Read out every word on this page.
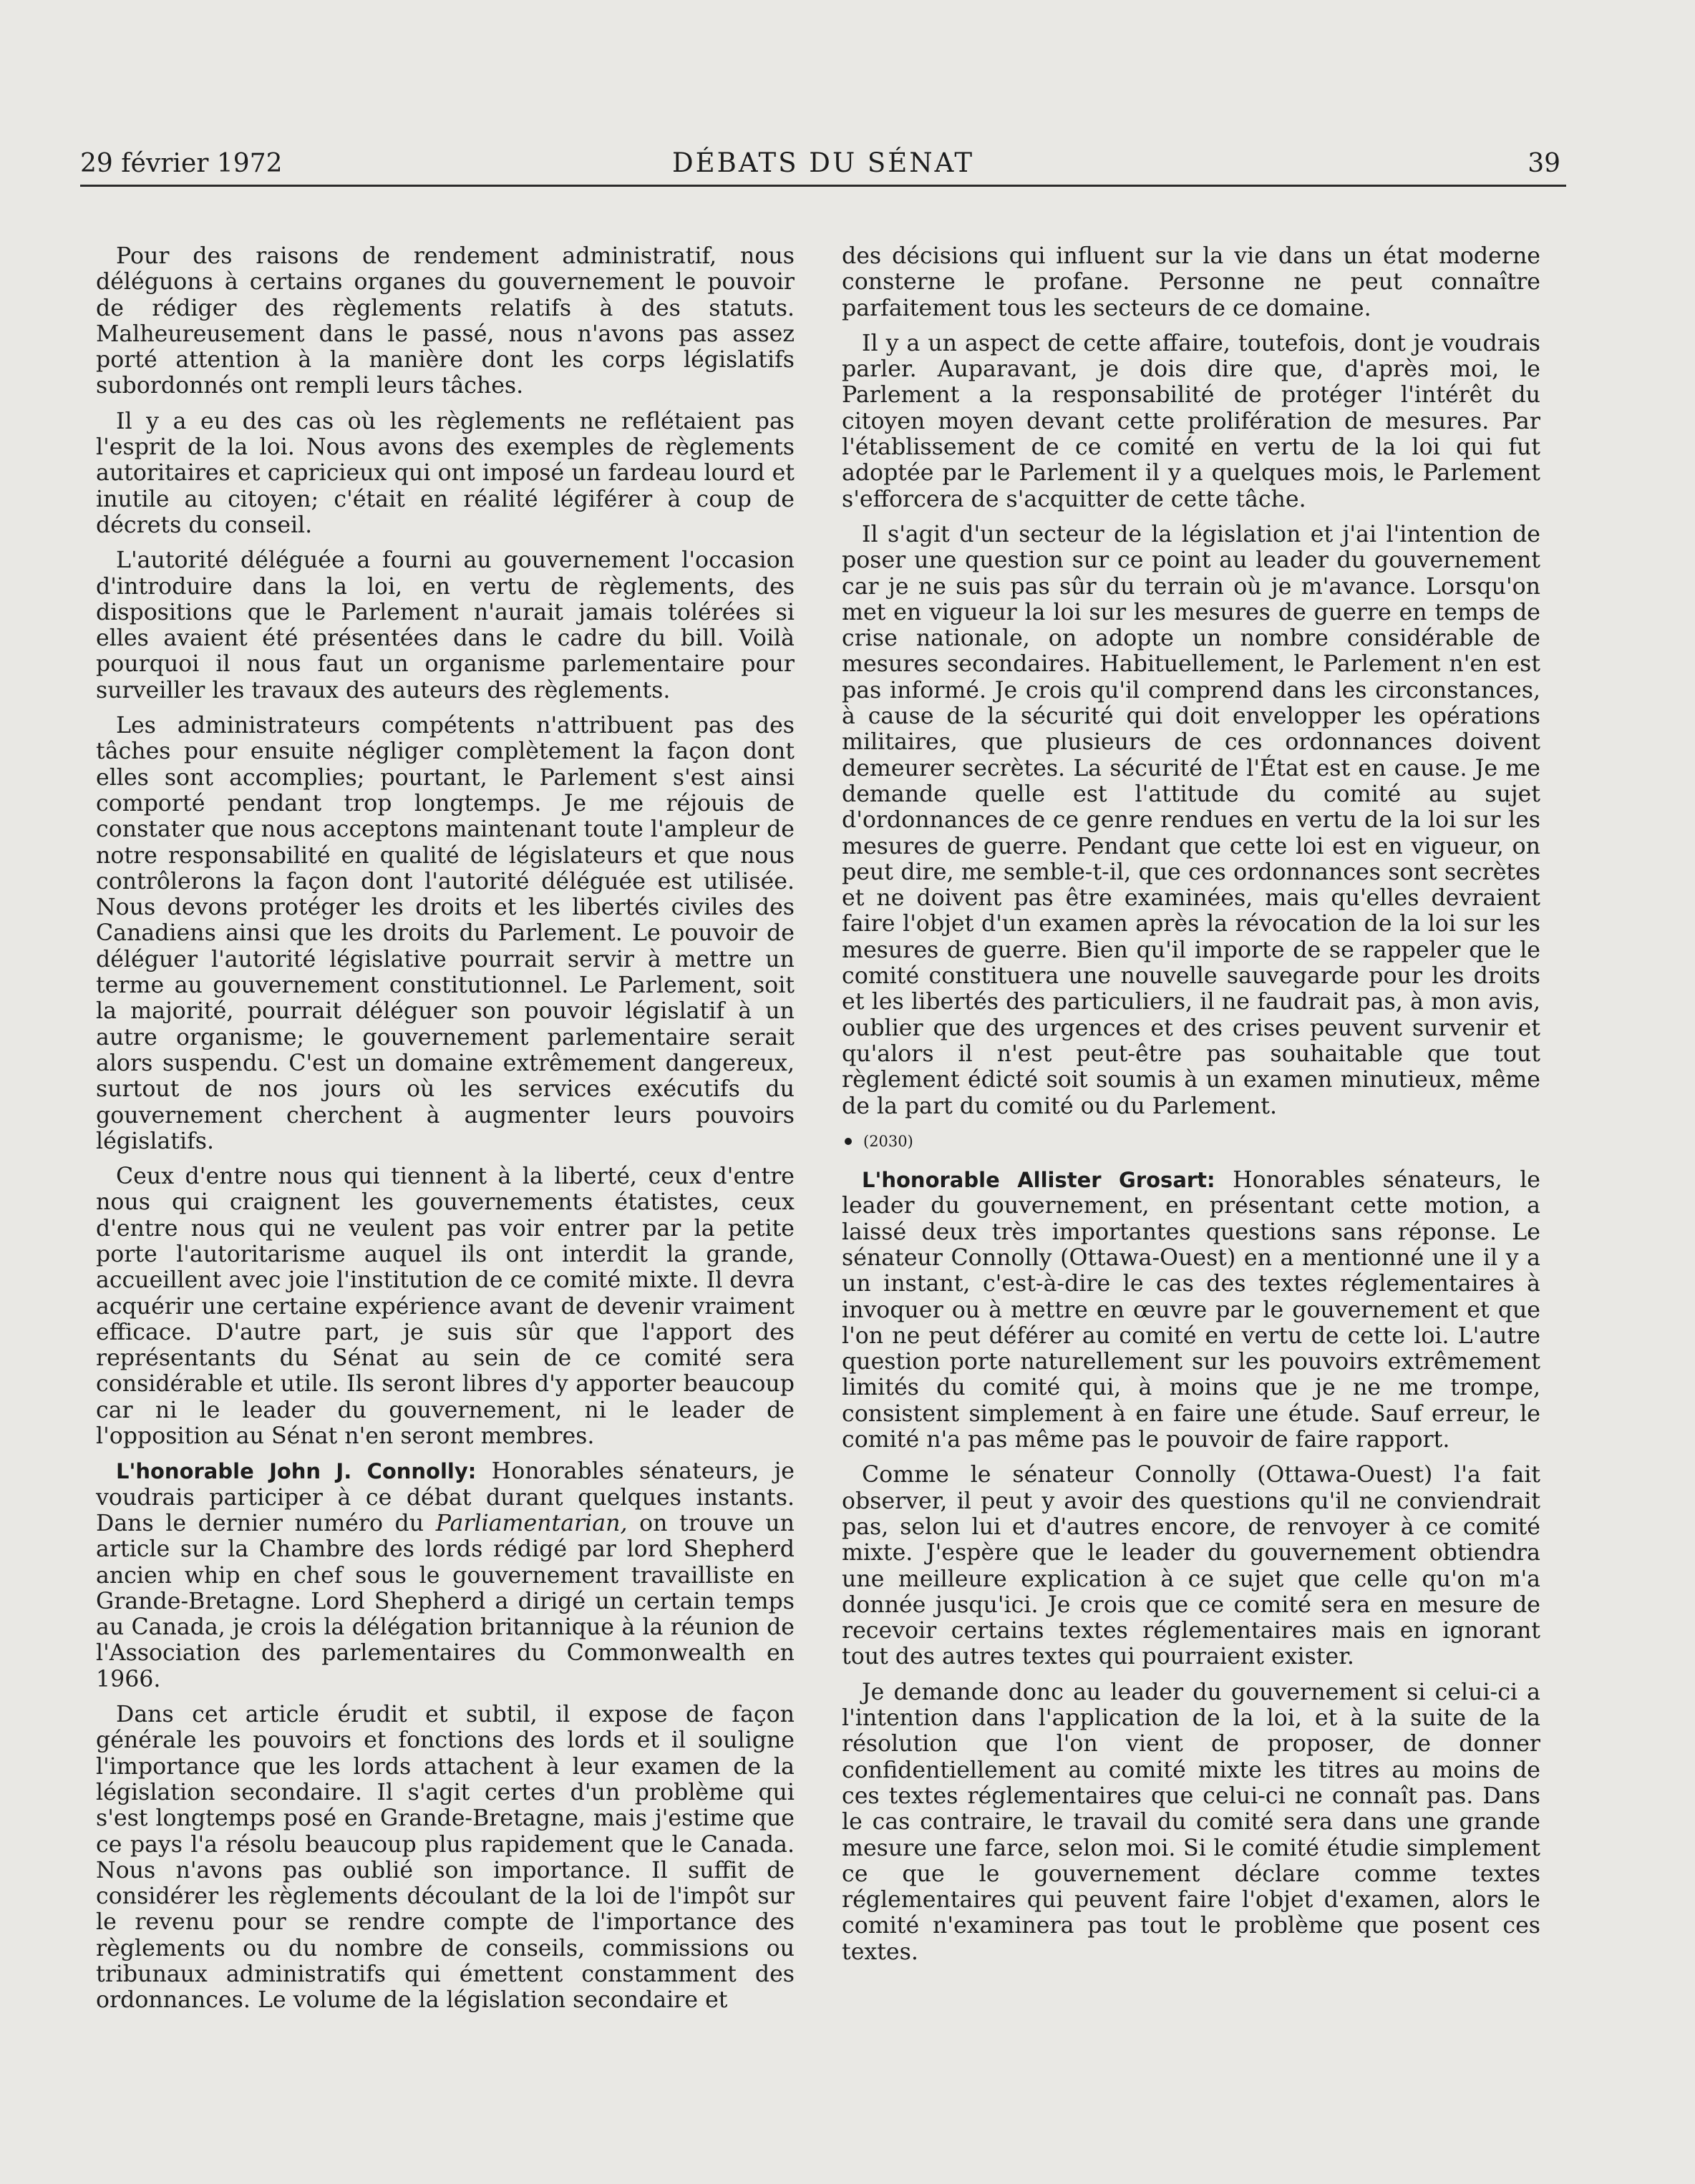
29 février 1972	DÉBATS DU SÉNAT	39

Pour des raisons de rendement administratif, nous déléguons à certains organes du gouvernement le pouvoir de rédiger des règlements relatifs à des statuts. Malheureusement dans le passé, nous n'avons pas assez porté attention à la manière dont les corps législatifs subordonnés ont rempli leurs tâches.

Il y a eu des cas où les règlements ne reflétaient pas l'esprit de la loi. Nous avons des exemples de règlements autoritaires et capricieux qui ont imposé un fardeau lourd et inutile au citoyen; c'était en réalité légiférer à coup de décrets du conseil.

L'autorité déléguée a fourni au gouvernement l'occasion d'introduire dans la loi, en vertu de règlements, des dispositions que le Parlement n'aurait jamais tolérées si elles avaient été présentées dans le cadre du bill. Voilà pourquoi il nous faut un organisme parlementaire pour surveiller les travaux des auteurs des règlements.

Les administrateurs compétents n'attribuent pas des tâches pour ensuite négliger complètement la façon dont elles sont accomplies; pourtant, le Parlement s'est ainsi comporté pendant trop longtemps. Je me réjouis de constater que nous acceptons maintenant toute l'ampleur de notre responsabilité en qualité de législateurs et que nous contrôlerons la façon dont l'autorité déléguée est utilisée. Nous devons protéger les droits et les libertés civiles des Canadiens ainsi que les droits du Parlement. Le pouvoir de déléguer l'autorité législative pourrait servir à mettre un terme au gouvernement constitutionnel. Le Parlement, soit la majorité, pourrait déléguer son pouvoir législatif à un autre organisme; le gouvernement parlementaire serait alors suspendu. C'est un domaine extrêmement dangereux, surtout de nos jours où les services exécutifs du gouvernement cherchent à augmenter leurs pouvoirs législatifs.

Ceux d'entre nous qui tiennent à la liberté, ceux d'entre nous qui craignent les gouvernements étatistes, ceux d'entre nous qui ne veulent pas voir entrer par la petite porte l'autoritarisme auquel ils ont interdit la grande, accueillent avec joie l'institution de ce comité mixte. Il devra acquérir une certaine expérience avant de devenir vraiment efficace. D'autre part, je suis sûr que l'apport des représentants du Sénat au sein de ce comité sera considérable et utile. Ils seront libres d'y apporter beaucoup car ni le leader du gouvernement, ni le leader de l'opposition au Sénat n'en seront membres.

L'honorable John J. Connolly: Honorables sénateurs, je voudrais participer à ce débat durant quelques instants. Dans le dernier numéro du Parliamentarian, on trouve un article sur la Chambre des lords rédigé par lord Shepherd ancien whip en chef sous le gouvernement travailliste en Grande-Bretagne. Lord Shepherd a dirigé un certain temps au Canada, je crois la délégation britannique à la réunion de l'Association des parlementaires du Commonwealth en 1966.

Dans cet article érudit et subtil, il expose de façon générale les pouvoirs et fonctions des lords et il souligne l'importance que les lords attachent à leur examen de la législation secondaire. Il s'agit certes d'un problème qui s'est longtemps posé en Grande-Bretagne, mais j'estime que ce pays l'a résolu beaucoup plus rapidement que le Canada. Nous n'avons pas oublié son importance. Il suffit de considérer les règlements découlant de la loi de l'impôt sur le revenu pour se rendre compte de l'importance des règlements ou du nombre de conseils, commissions ou tribunaux administratifs qui émettent constamment des ordonnances. Le volume de la législation secondaire et

des décisions qui influent sur la vie dans un état moderne consterne le profane. Personne ne peut connaître parfaitement tous les secteurs de ce domaine.

Il y a un aspect de cette affaire, toutefois, dont je voudrais parler. Auparavant, je dois dire que, d'après moi, le Parlement a la responsabilité de protéger l'intérêt du citoyen moyen devant cette prolifération de mesures. Par l'établissement de ce comité en vertu de la loi qui fut adoptée par le Parlement il y a quelques mois, le Parlement s'efforcera de s'acquitter de cette tâche.

Il s'agit d'un secteur de la législation et j'ai l'intention de poser une question sur ce point au leader du gouvernement car je ne suis pas sûr du terrain où je m'avance. Lorsqu'on met en vigueur la loi sur les mesures de guerre en temps de crise nationale, on adopte un nombre considérable de mesures secondaires. Habituellement, le Parlement n'en est pas informé. Je crois qu'il comprend dans les circonstances, à cause de la sécurité qui doit envelopper les opérations militaires, que plusieurs de ces ordonnances doivent demeurer secrètes. La sécurité de l'État est en cause. Je me demande quelle est l'attitude du comité au sujet d'ordonnances de ce genre rendues en vertu de la loi sur les mesures de guerre. Pendant que cette loi est en vigueur, on peut dire, me semble-t-il, que ces ordonnances sont secrètes et ne doivent pas être examinées, mais qu'elles devraient faire l'objet d'un examen après la révocation de la loi sur les mesures de guerre. Bien qu'il importe de se rappeler que le comité constituera une nouvelle sauvegarde pour les droits et les libertés des particuliers, il ne faudrait pas, à mon avis, oublier que des urgences et des crises peuvent survenir et qu'alors il n'est peut-être pas souhaitable que tout règlement édicté soit soumis à un examen minutieux, même de la part du comité ou du Parlement.

(2030)

L'honorable Allister Grosart: Honorables sénateurs, le leader du gouvernement, en présentant cette motion, a laissé deux très importantes questions sans réponse. Le sénateur Connolly (Ottawa-Ouest) en a mentionné une il y a un instant, c'est-à-dire le cas des textes réglementaires à invoquer ou à mettre en œuvre par le gouvernement et que l'on ne peut déférer au comité en vertu de cette loi. L'autre question porte naturellement sur les pouvoirs extrêmement limités du comité qui, à moins que je ne me trompe, consistent simplement à en faire une étude. Sauf erreur, le comité n'a pas même pas le pouvoir de faire rapport.

Comme le sénateur Connolly (Ottawa-Ouest) l'a fait observer, il peut y avoir des questions qu'il ne conviendrait pas, selon lui et d'autres encore, de renvoyer à ce comité mixte. J'espère que le leader du gouvernement obtiendra une meilleure explication à ce sujet que celle qu'on m'a donnée jusqu'ici. Je crois que ce comité sera en mesure de recevoir certains textes réglementaires mais en ignorant tout des autres textes qui pourraient exister.

Je demande donc au leader du gouvernement si celui-ci a l'intention dans l'application de la loi, et à la suite de la résolution que l'on vient de proposer, de donner confidentiellement au comité mixte les titres au moins de ces textes réglementaires que celui-ci ne connaît pas. Dans le cas contraire, le travail du comité sera dans une grande mesure une farce, selon moi. Si le comité étudie simplement ce que le gouvernement déclare comme textes réglementaires qui peuvent faire l'objet d'examen, alors le comité n'examinera pas tout le problème que posent ces textes.
